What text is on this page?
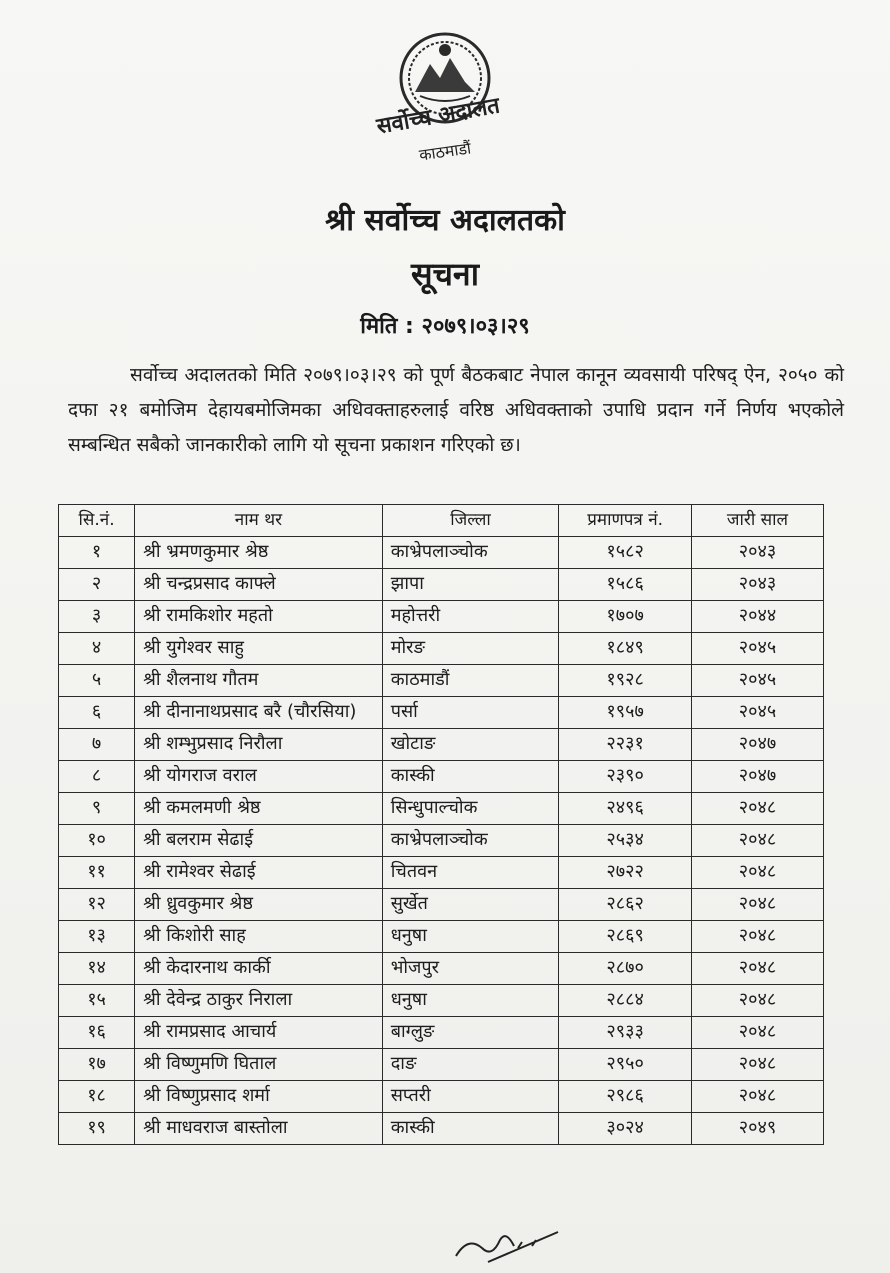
सर्वोच्च अदालत
काठमाडौं
श्री सर्वोच्च अदालतको
सूचना
मिति : २०७९।०३।२९
सर्वोच्च अदालतको मिति २०७९।०३।२९ को पूर्ण बैठकबाट नेपाल कानून व्यवसायी परिषद् ऐन, २०५० को दफा २१ बमोजिम देहायबमोजिमका अधिवक्ताहरुलाई वरिष्ठ अधिवक्ताको उपाधि प्रदान गर्ने निर्णय भएकोले सम्बन्धित सबैको जानकारीको लागि यो सूचना प्रकाशन गरिएको छ।
सि.नं.	नाम थर	जिल्ला	प्रमाणपत्र नं.	जारी साल
१	श्री भ्रमणकुमार श्रेष्ठ	काभ्रेपलाञ्चोक	१५८२	२०४३
२	श्री चन्द्रप्रसाद काफ्ले	झापा	१५८६	२०४३
३	श्री रामकिशोर महतो	महोत्तरी	१७०७	२०४४
४	श्री युगेश्वर साहु	मोरङ	१८४९	२०४५
५	श्री शैलनाथ गौतम	काठमाडौं	१९२८	२०४५
६	श्री दीनानाथप्रसाद बरै (चौरसिया)	पर्सा	१९५७	२०४५
७	श्री शम्भुप्रसाद निरौला	खोटाङ	२२३१	२०४७
८	श्री योगराज वराल	कास्की	२३९०	२०४७
९	श्री कमलमणी श्रेष्ठ	सिन्धुपाल्चोक	२४९६	२०४८
१०	श्री बलराम सेढाई	काभ्रेपलाञ्चोक	२५३४	२०४८
११	श्री रामेश्वर सेढाई	चितवन	२७२२	२०४८
१२	श्री ध्रुवकुमार श्रेष्ठ	सुर्खेत	२८६२	२०४८
१३	श्री किशोरी साह	धनुषा	२८६९	२०४८
१४	श्री केदारनाथ कार्की	भोजपुर	२८७०	२०४८
१५	श्री देवेन्द्र ठाकुर निराला	धनुषा	२८८४	२०४८
१६	श्री रामप्रसाद आचार्य	बाग्लुङ	२९३३	२०४८
१७	श्री विष्णुमणि घिताल	दाङ	२९५०	२०४८
१८	श्री विष्णुप्रसाद शर्मा	सप्तरी	२९८६	२०४८
१९	श्री माधवराज बास्तोला	कास्की	३०२४	२०४९
